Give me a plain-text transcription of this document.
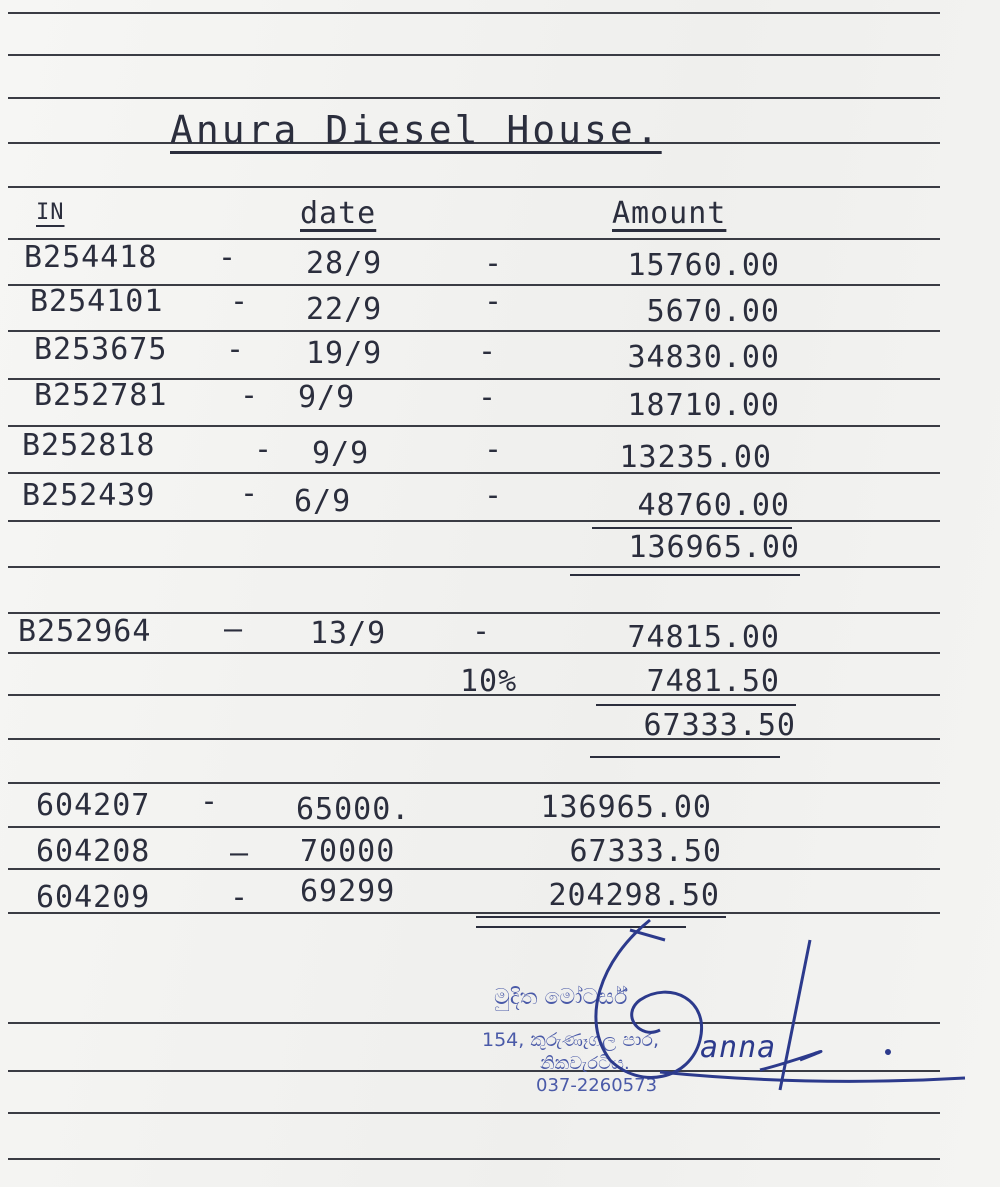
Anura Diesel House.
IN	date	Amount
B254418 - 28/9	-	15760.00
B254101 - 22/9	-	5670.00
B253675 - 19/9	-	34830.00
B252781 - 9/9	-	18710.00
B252818	- 9/9	-	13235.00
B252439	- 6/9	-	48760.00
136965.00
B252964 — 13/9	-	74815.00
10%	7481.50
67333.50
604207 -	65000.	136965.00
604208	— 70000	67333.50
604209	- 69299	204298.50
මුදිත මෝටර්ස්
154, කුරුණෑගල පාර,
නිකවැරටිය.
037-2260573
anna
